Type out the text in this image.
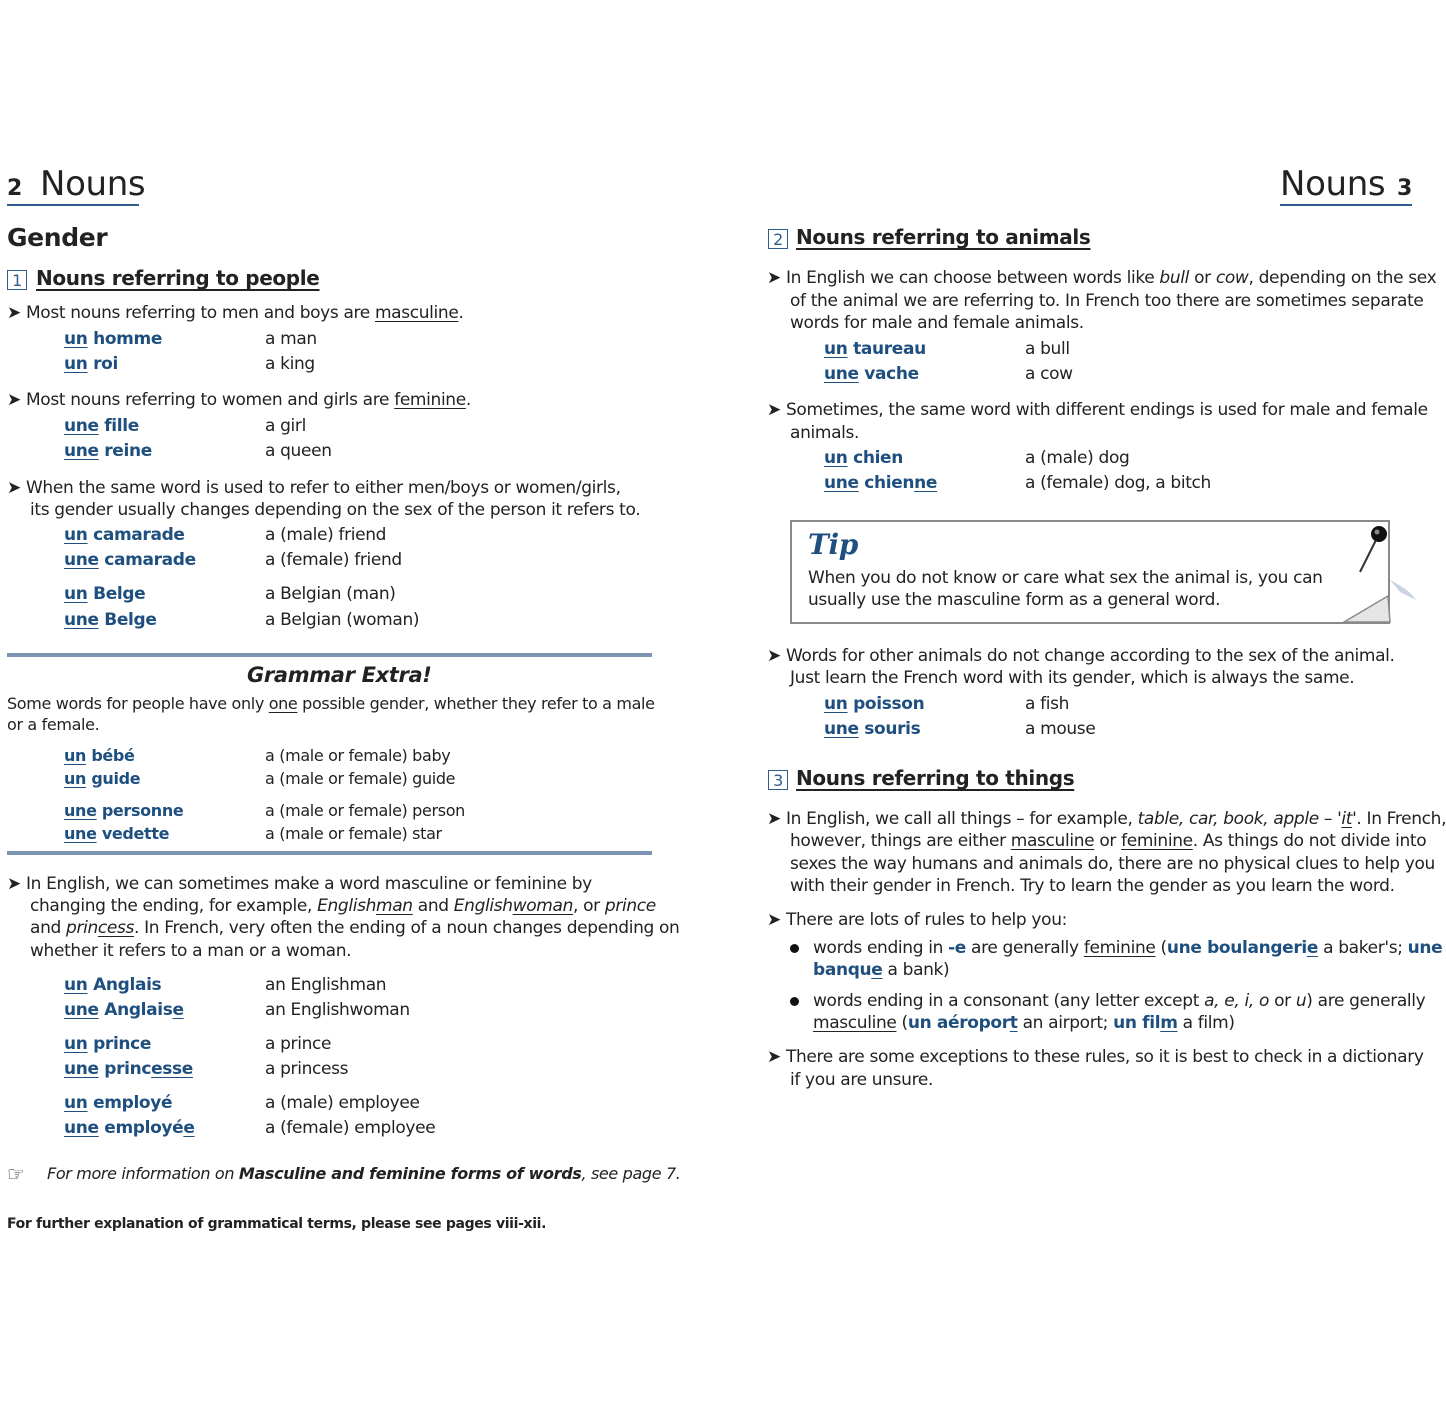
2 Nouns
Gender
1 Nouns referring to people
➤ Most nouns referring to men and boys are masculine.
un homme	a man
un roi	a king
➤ Most nouns referring to women and girls are feminine.
une fille	a girl
une reine	a queen
➤ When the same word is used to refer to either men/boys or women/girls,
its gender usually changes depending on the sex of the person it refers to.
un camarade	a (male) friend
une camarade	a (female) friend
un Belge	a Belgian (man)
une Belge	a Belgian (woman)
Grammar Extra!
Some words for people have only one possible gender, whether they refer to a male
or a female.
un bébé	a (male or female) baby
un guide	a (male or female) guide
une personne	a (male or female) person
une vedette	a (male or female) star
➤ In English, we can sometimes make a word masculine or feminine by
changing the ending, for example, Englishman and Englishwoman, or prince
and princess. In French, very often the ending of a noun changes depending on
whether it refers to a man or a woman.
un Anglais	an Englishman
une Anglaise	an Englishwoman
un prince	a prince
une princesse	a princess
un employé	a (male) employee
une employée	a (female) employee
☞ For more information on Masculine and feminine forms of words, see page 7.
For further explanation of grammatical terms, please see pages viii-xii.
Nouns 3
2 Nouns referring to animals
➤ In English we can choose between words like bull or cow, depending on the sex
of the animal we are referring to. In French too there are sometimes separate
words for male and female animals.
un taureau	a bull
une vache	a cow
➤ Sometimes, the same word with different endings is used for male and female
animals.
un chien	a (male) dog
une chienne	a (female) dog, a bitch
Tip
When you do not know or care what sex the animal is, you can
usually use the masculine form as a general word.
➤ Words for other animals do not change according to the sex of the animal.
Just learn the French word with its gender, which is always the same.
un poisson	a fish
une souris	a mouse
3 Nouns referring to things
➤ In English, we call all things – for example, table, car, book, apple – 'it'. In French,
however, things are either masculine or feminine. As things do not divide into
sexes the way humans and animals do, there are no physical clues to help you
with their gender in French. Try to learn the gender as you learn the word.
➤ There are lots of rules to help you:
words ending in -e are generally feminine (une boulangerie a baker's; une
banque a bank)
words ending in a consonant (any letter except a, e, i, o or u) are generally
masculine (un aéroport an airport; un film a film)
➤ There are some exceptions to these rules, so it is best to check in a dictionary
if you are unsure.
